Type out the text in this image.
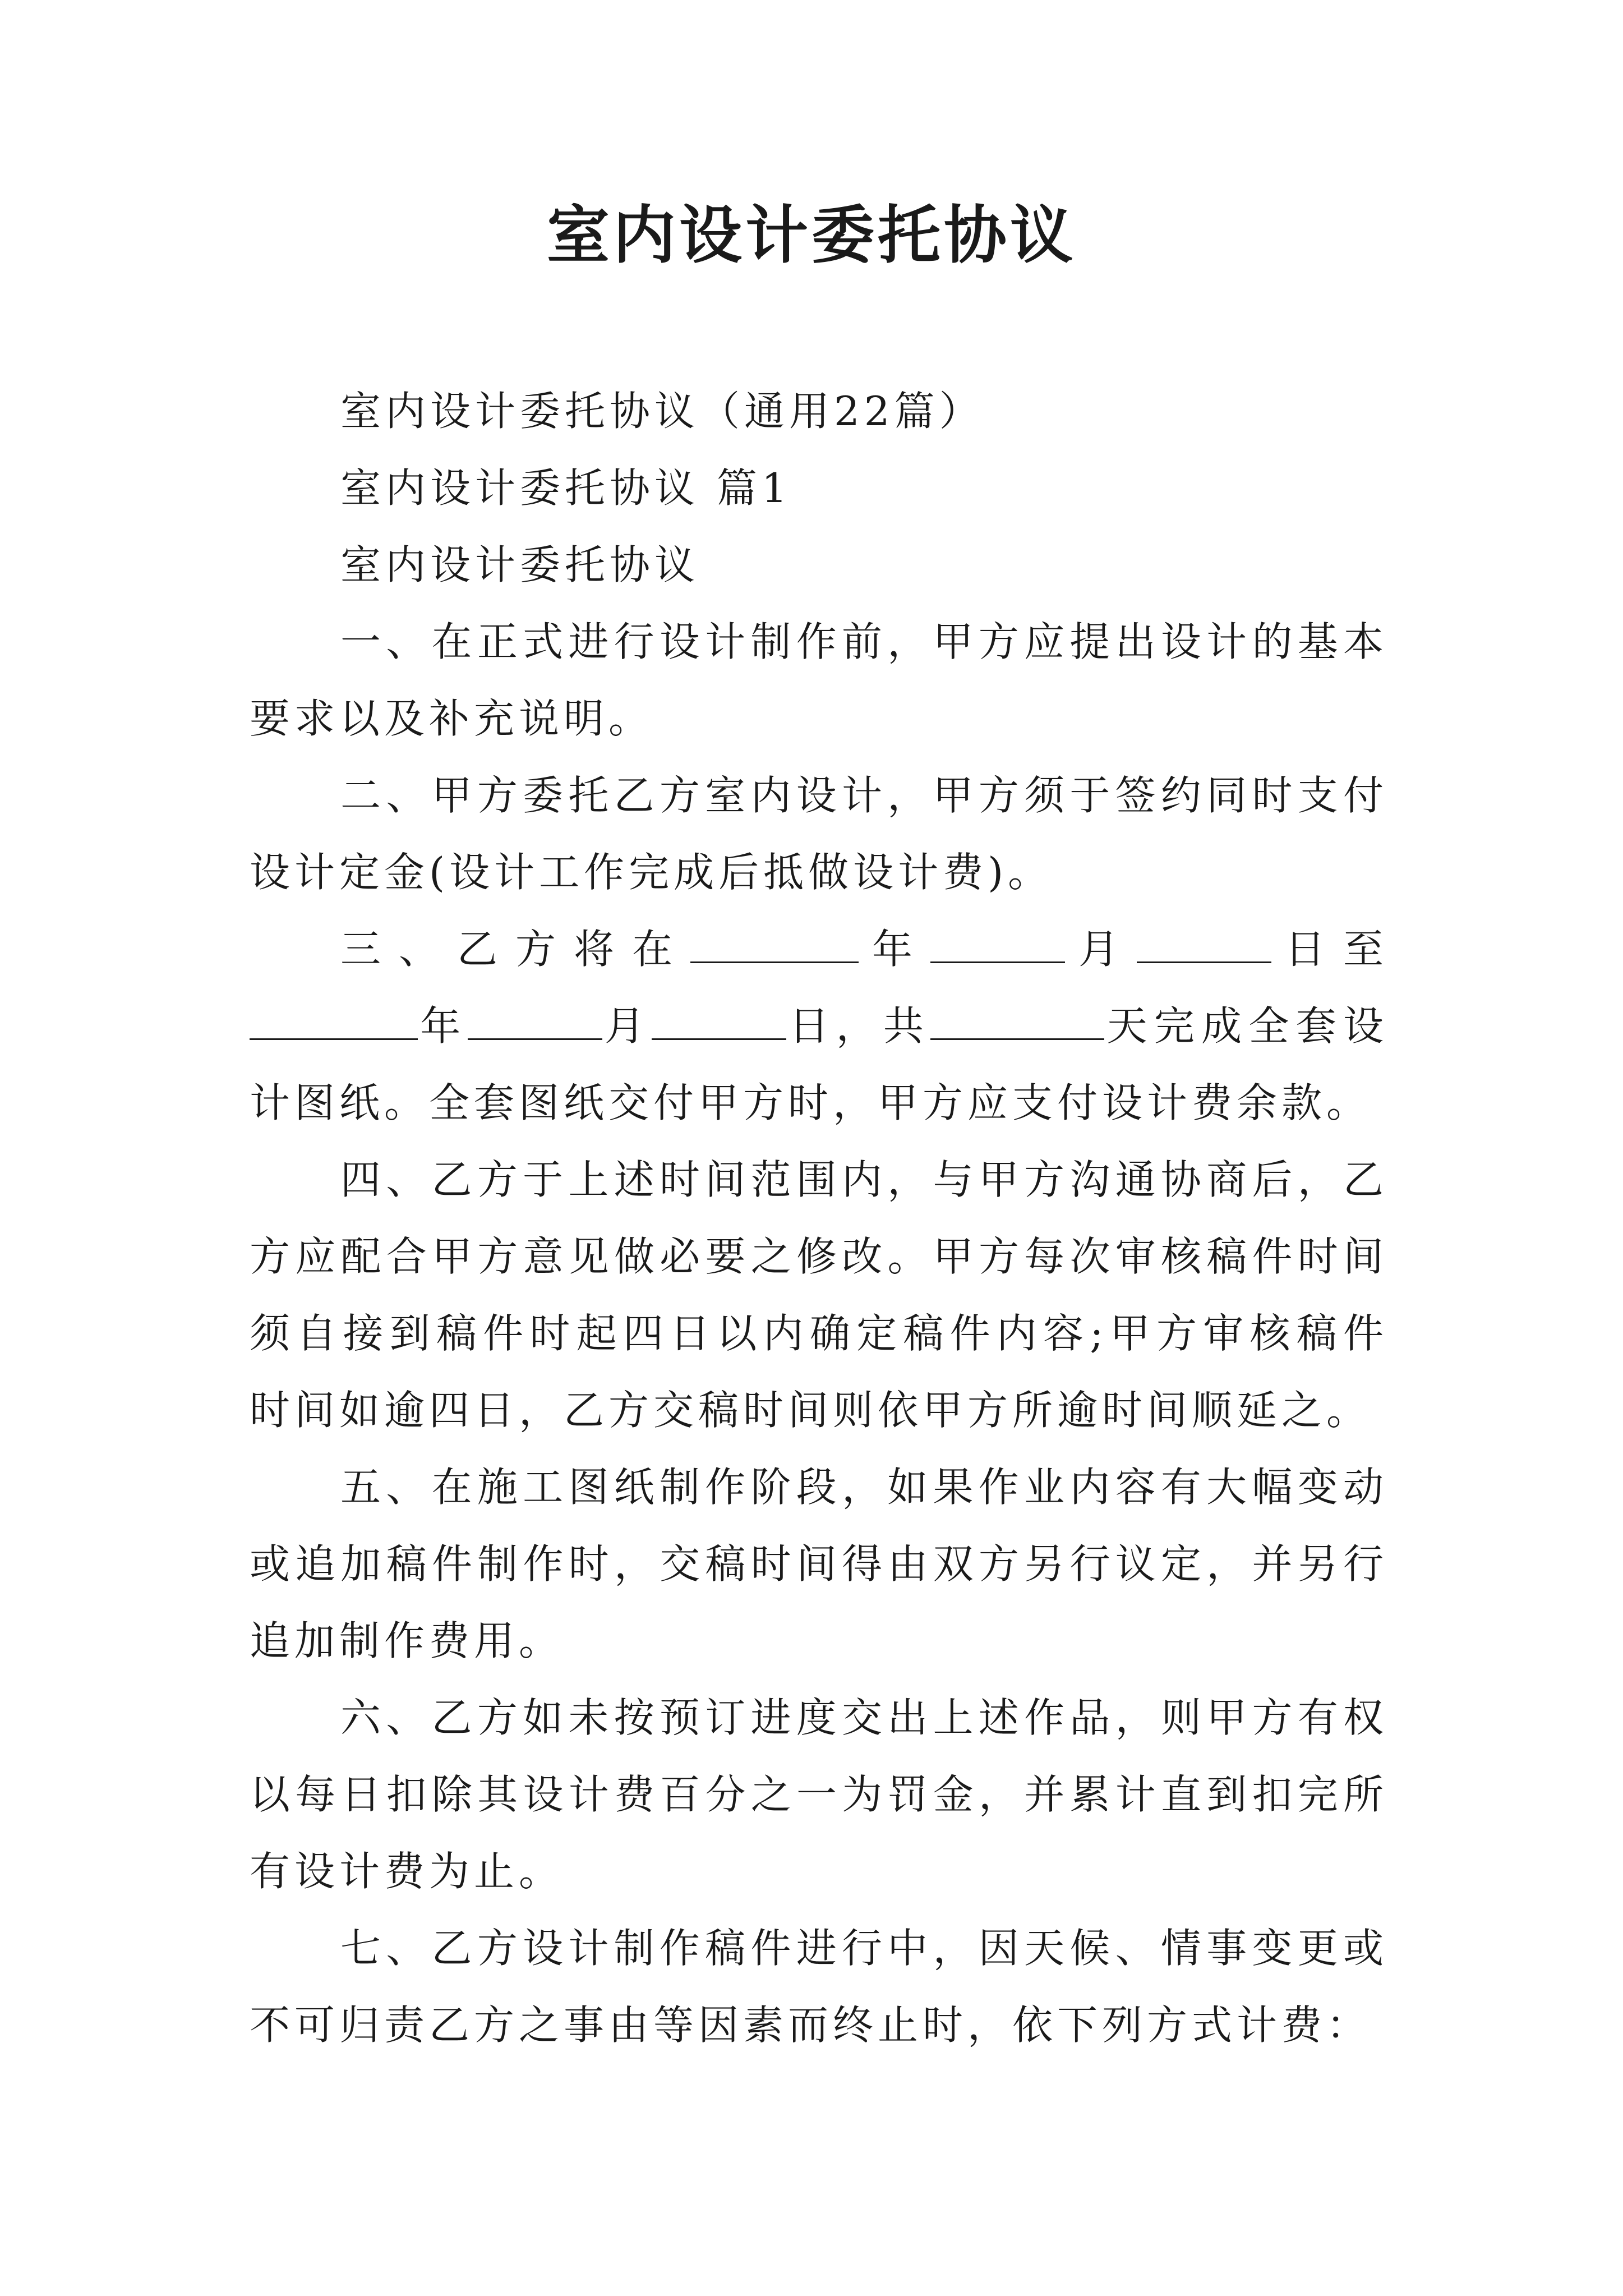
室内设计委托协议

室内设计委托协议（通用22篇）

室内设计委托协议 篇1

室内设计委托协议

一、在正式进行设计制作前，甲方应提出设计的基本要求以及补充说明。

二、甲方委托乙方室内设计，甲方须于签约同时支付设计定金(设计工作完成后抵做设计费)。

三、乙方将在	年	月	日至年	月	日，共	天完成全套设计图纸。全套图纸交付甲方时，甲方应支付设计费余款。

四、乙方于上述时间范围内，与甲方沟通协商后，乙方应配合甲方意见做必要之修改。甲方每次审核稿件时间须自接到稿件时起四日以内确定稿件内容;甲方审核稿件时间如逾四日，乙方交稿时间则依甲方所逾时间顺延之。

五、在施工图纸制作阶段，如果作业内容有大幅变动或追加稿件制作时，交稿时间得由双方另行议定，并另行追加制作费用。

六、乙方如未按预订进度交出上述作品，则甲方有权以每日扣除其设计费百分之一为罚金，并累计直到扣完所有设计费为止。

七、乙方设计制作稿件进行中，因天候、情事变更或不可归责乙方之事由等因素而终止时，依下列方式计费：
